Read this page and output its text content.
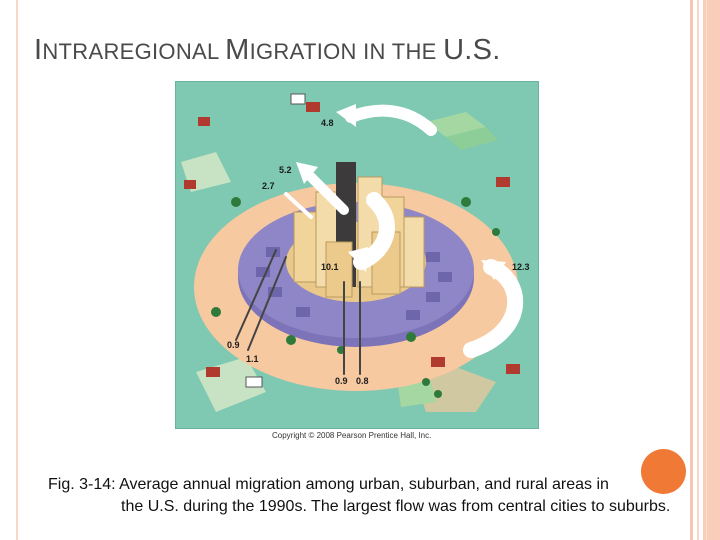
INTRAREGIONAL MIGRATION IN THE U.S.
4.8
5.2
2.7
10.1	12.3
0.9
1.1
0.9 0.8
Copyright © 2008 Pearson Prentice Hall, Inc.
Fig. 3-14: Average annual migration among urban, suburban, and rural areas in
the U.S. during the 1990s. The largest flow was from central cities to suburbs.
